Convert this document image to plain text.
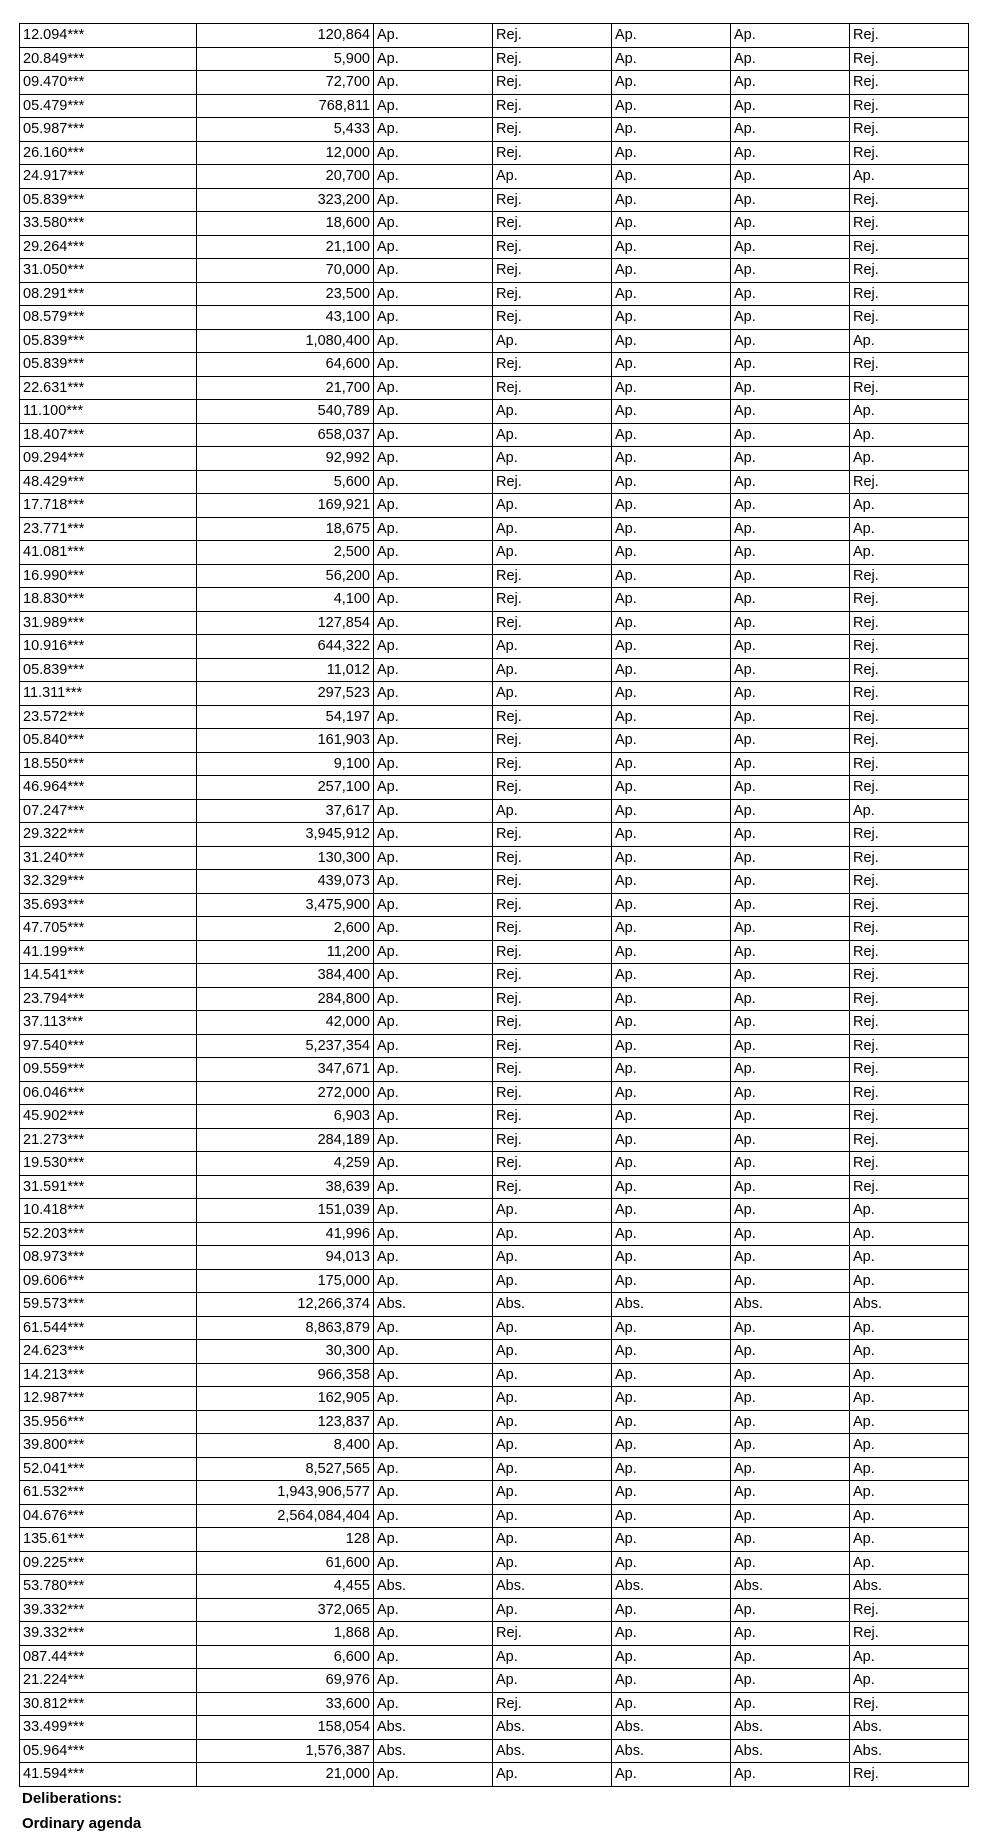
12.094***	120,864	Ap.	Rej.	Ap.	Ap.	Rej.
20.849***	5,900	Ap.	Rej.	Ap.	Ap.	Rej.
09.470***	72,700	Ap.	Rej.	Ap.	Ap.	Rej.
05.479***	768,811	Ap.	Rej.	Ap.	Ap.	Rej.
05.987***	5,433	Ap.	Rej.	Ap.	Ap.	Rej.
26.160***	12,000	Ap.	Rej.	Ap.	Ap.	Rej.
24.917***	20,700	Ap.	Ap.	Ap.	Ap.	Ap.
05.839***	323,200	Ap.	Rej.	Ap.	Ap.	Rej.
33.580***	18,600	Ap.	Rej.	Ap.	Ap.	Rej.
29.264***	21,100	Ap.	Rej.	Ap.	Ap.	Rej.
31.050***	70,000	Ap.	Rej.	Ap.	Ap.	Rej.
08.291***	23,500	Ap.	Rej.	Ap.	Ap.	Rej.
08.579***	43,100	Ap.	Rej.	Ap.	Ap.	Rej.
05.839***	1,080,400	Ap.	Ap.	Ap.	Ap.	Ap.
05.839***	64,600	Ap.	Rej.	Ap.	Ap.	Rej.
22.631***	21,700	Ap.	Rej.	Ap.	Ap.	Rej.
11.100***	540,789	Ap.	Ap.	Ap.	Ap.	Ap.
18.407***	658,037	Ap.	Ap.	Ap.	Ap.	Ap.
09.294***	92,992	Ap.	Ap.	Ap.	Ap.	Ap.
48.429***	5,600	Ap.	Rej.	Ap.	Ap.	Rej.
17.718***	169,921	Ap.	Ap.	Ap.	Ap.	Ap.
23.771***	18,675	Ap.	Ap.	Ap.	Ap.	Ap.
41.081***	2,500	Ap.	Ap.	Ap.	Ap.	Ap.
16.990***	56,200	Ap.	Rej.	Ap.	Ap.	Rej.
18.830***	4,100	Ap.	Rej.	Ap.	Ap.	Rej.
31.989***	127,854	Ap.	Rej.	Ap.	Ap.	Rej.
10.916***	644,322	Ap.	Ap.	Ap.	Ap.	Rej.
05.839***	11,012	Ap.	Ap.	Ap.	Ap.	Rej.
11.311***	297,523	Ap.	Ap.	Ap.	Ap.	Rej.
23.572***	54,197	Ap.	Rej.	Ap.	Ap.	Rej.
05.840***	161,903	Ap.	Rej.	Ap.	Ap.	Rej.
18.550***	9,100	Ap.	Rej.	Ap.	Ap.	Rej.
46.964***	257,100	Ap.	Rej.	Ap.	Ap.	Rej.
07.247***	37,617	Ap.	Ap.	Ap.	Ap.	Ap.
29.322***	3,945,912	Ap.	Rej.	Ap.	Ap.	Rej.
31.240***	130,300	Ap.	Rej.	Ap.	Ap.	Rej.
32.329***	439,073	Ap.	Rej.	Ap.	Ap.	Rej.
35.693***	3,475,900	Ap.	Rej.	Ap.	Ap.	Rej.
47.705***	2,600	Ap.	Rej.	Ap.	Ap.	Rej.
41.199***	11,200	Ap.	Rej.	Ap.	Ap.	Rej.
14.541***	384,400	Ap.	Rej.	Ap.	Ap.	Rej.
23.794***	284,800	Ap.	Rej.	Ap.	Ap.	Rej.
37.113***	42,000	Ap.	Rej.	Ap.	Ap.	Rej.
97.540***	5,237,354	Ap.	Rej.	Ap.	Ap.	Rej.
09.559***	347,671	Ap.	Rej.	Ap.	Ap.	Rej.
06.046***	272,000	Ap.	Rej.	Ap.	Ap.	Rej.
45.902***	6,903	Ap.	Rej.	Ap.	Ap.	Rej.
21.273***	284,189	Ap.	Rej.	Ap.	Ap.	Rej.
19.530***	4,259	Ap.	Rej.	Ap.	Ap.	Rej.
31.591***	38,639	Ap.	Rej.	Ap.	Ap.	Rej.
10.418***	151,039	Ap.	Ap.	Ap.	Ap.	Ap.
52.203***	41,996	Ap.	Ap.	Ap.	Ap.	Ap.
08.973***	94,013	Ap.	Ap.	Ap.	Ap.	Ap.
09.606***	175,000	Ap.	Ap.	Ap.	Ap.	Ap.
59.573***	12,266,374	Abs.	Abs.	Abs.	Abs.	Abs.
61.544***	8,863,879	Ap.	Ap.	Ap.	Ap.	Ap.
24.623***	30,300	Ap.	Ap.	Ap.	Ap.	Ap.
14.213***	966,358	Ap.	Ap.	Ap.	Ap.	Ap.
12.987***	162,905	Ap.	Ap.	Ap.	Ap.	Ap.
35.956***	123,837	Ap.	Ap.	Ap.	Ap.	Ap.
39.800***	8,400	Ap.	Ap.	Ap.	Ap.	Ap.
52.041***	8,527,565	Ap.	Ap.	Ap.	Ap.	Ap.
61.532***	1,943,906,577	Ap.	Ap.	Ap.	Ap.	Ap.
04.676***	2,564,084,404	Ap.	Ap.	Ap.	Ap.	Ap.
135.61***	128	Ap.	Ap.	Ap.	Ap.	Ap.
09.225***	61,600	Ap.	Ap.	Ap.	Ap.	Ap.
53.780***	4,455	Abs.	Abs.	Abs.	Abs.	Abs.
39.332***	372,065	Ap.	Ap.	Ap.	Ap.	Rej.
39.332***	1,868	Ap.	Rej.	Ap.	Ap.	Rej.
087.44***	6,600	Ap.	Ap.	Ap.	Ap.	Ap.
21.224***	69,976	Ap.	Ap.	Ap.	Ap.	Ap.
30.812***	33,600	Ap.	Rej.	Ap.	Ap.	Rej.
33.499***	158,054	Abs.	Abs.	Abs.	Abs.	Abs.
05.964***	1,576,387	Abs.	Abs.	Abs.	Abs.	Abs.
41.594***	21,000	Ap.	Ap.	Ap.	Ap.	Rej.
Deliberations:
Ordinary agenda
